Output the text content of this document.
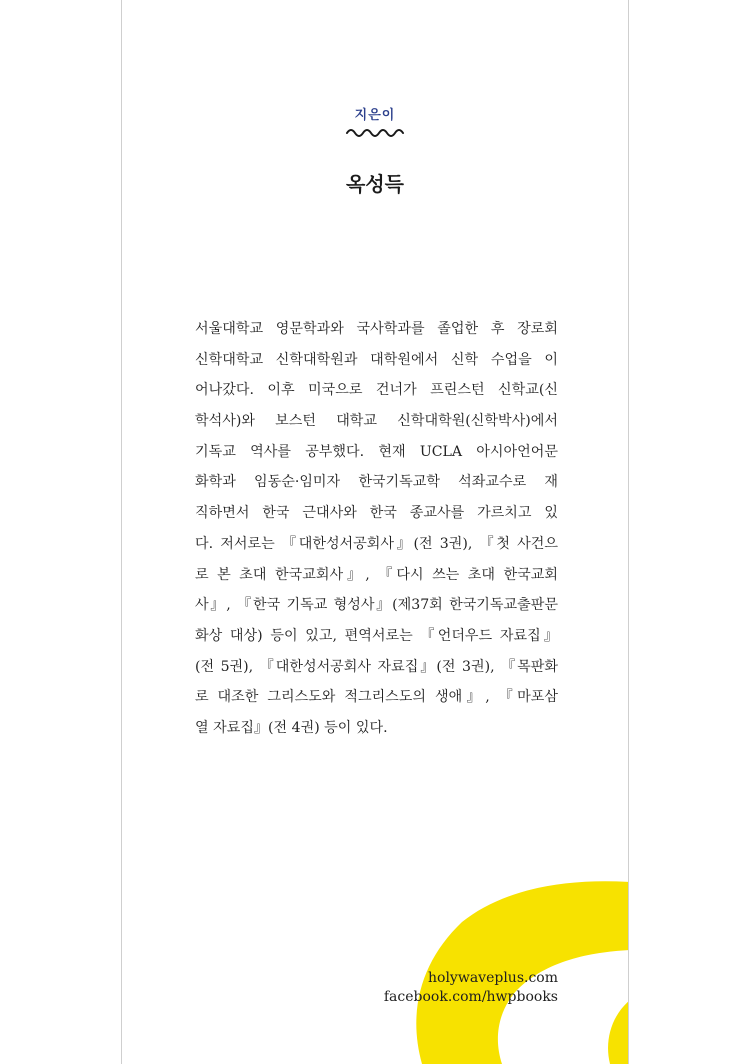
지은이
옥성득
서울대학교 영문학과와 국사학과를 졸업한 후 장로회
신학대학교 신학대학원과 대학원에서 신학 수업을 이
어나갔다. 이후 미국으로 건너가 프린스턴 신학교(신
학석사)와 보스턴 대학교 신학대학원(신학박사)에서
기독교 역사를 공부했다. 현재 UCLA 아시아언어문
화학과 임동순·임미자 한국기독교학 석좌교수로 재
직하면서 한국 근대사와 한국 종교사를 가르치고 있
다. 저서로는 『대한성서공회사』(전 3권), 『첫 사건으
로 본 초대 한국교회사』, 『다시 쓰는 초대 한국교회
사』, 『한국 기독교 형성사』(제37회 한국기독교출판문
화상 대상) 등이 있고, 편역서로는 『언더우드 자료집』
(전 5권), 『대한성서공회사 자료집』(전 3권), 『목판화
로 대조한 그리스도와 적그리스도의 생애』, 『마포삼
열 자료집』(전 4권) 등이 있다.
holywaveplus.com
facebook.com/hwpbooks
